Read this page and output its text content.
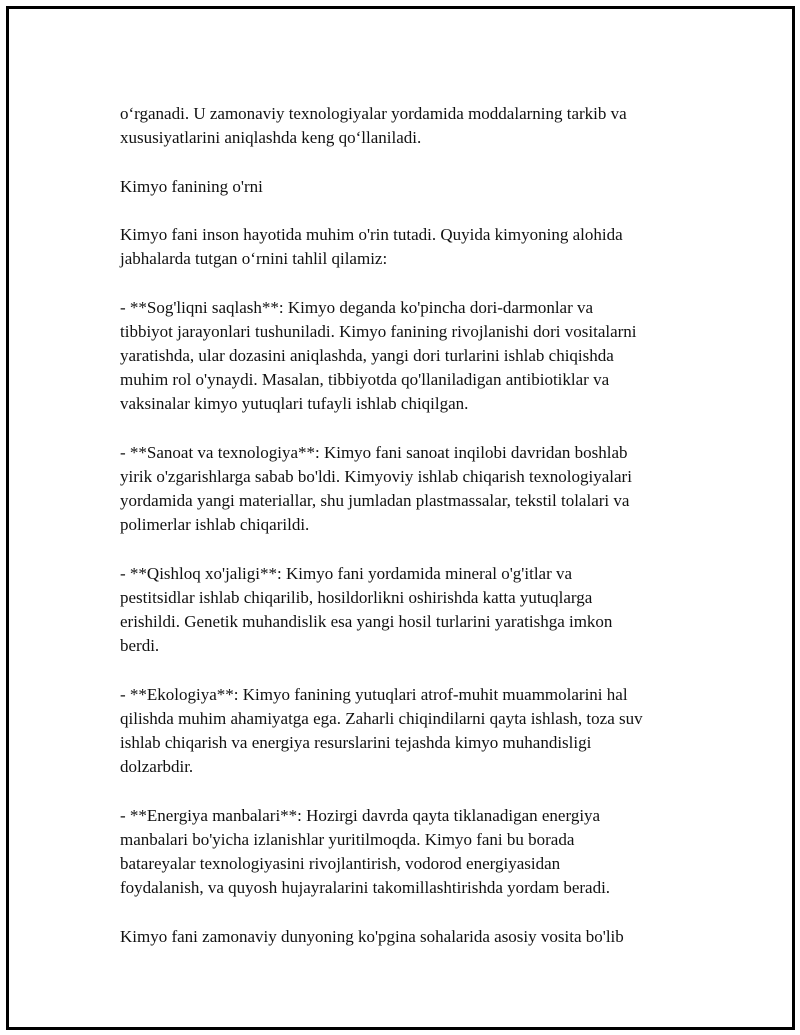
o‘rganadi. U zamonaviy texnologiyalar yordamida moddalarning tarkib va
xususiyatlarini aniqlashda keng qo‘llaniladi.

Kimyo fanining o'rni

Kimyo fani inson hayotida muhim o'rin tutadi. Quyida kimyoning alohida
jabhalarda tutgan o‘rnini tahlil qilamiz:

- **Sog'liqni saqlash**: Kimyo deganda ko'pincha dori-darmonlar va
tibbiyot jarayonlari tushuniladi. Kimyo fanining rivojlanishi dori vositalarni
yaratishda, ular dozasini aniqlashda, yangi dori turlarini ishlab chiqishda
muhim rol o'ynaydi. Masalan, tibbiyotda qo'llaniladigan antibiotiklar va
vaksinalar kimyo yutuqlari tufayli ishlab chiqilgan.

- **Sanoat va texnologiya**: Kimyo fani sanoat inqilobi davridan boshlab
yirik o'zgarishlarga sabab bo'ldi. Kimyoviy ishlab chiqarish texnologiyalari
yordamida yangi materiallar, shu jumladan plastmassalar, tekstil tolalari va
polimerlar ishlab chiqarildi.

- **Qishloq xo'jaligi**: Kimyo fani yordamida mineral o'g'itlar va
pestitsidlar ishlab chiqarilib, hosildorlikni oshirishda katta yutuqlarga
erishildi. Genetik muhandislik esa yangi hosil turlarini yaratishga imkon
berdi.

- **Ekologiya**: Kimyo fanining yutuqlari atrof-muhit muammolarini hal
qilishda muhim ahamiyatga ega. Zaharli chiqindilarni qayta ishlash, toza suv
ishlab chiqarish va energiya resurslarini tejashda kimyo muhandisligi
dolzarbdir.

- **Energiya manbalari**: Hozirgi davrda qayta tiklanadigan energiya
manbalari bo'yicha izlanishlar yuritilmoqda. Kimyo fani bu borada
batareyalar texnologiyasini rivojlantirish, vodorod energiyasidan
foydalanish, va quyosh hujayralarini takomillashtirishda yordam beradi.

Kimyo fani zamonaviy dunyoning ko'pgina sohalarida asosiy vosita bo'lib
